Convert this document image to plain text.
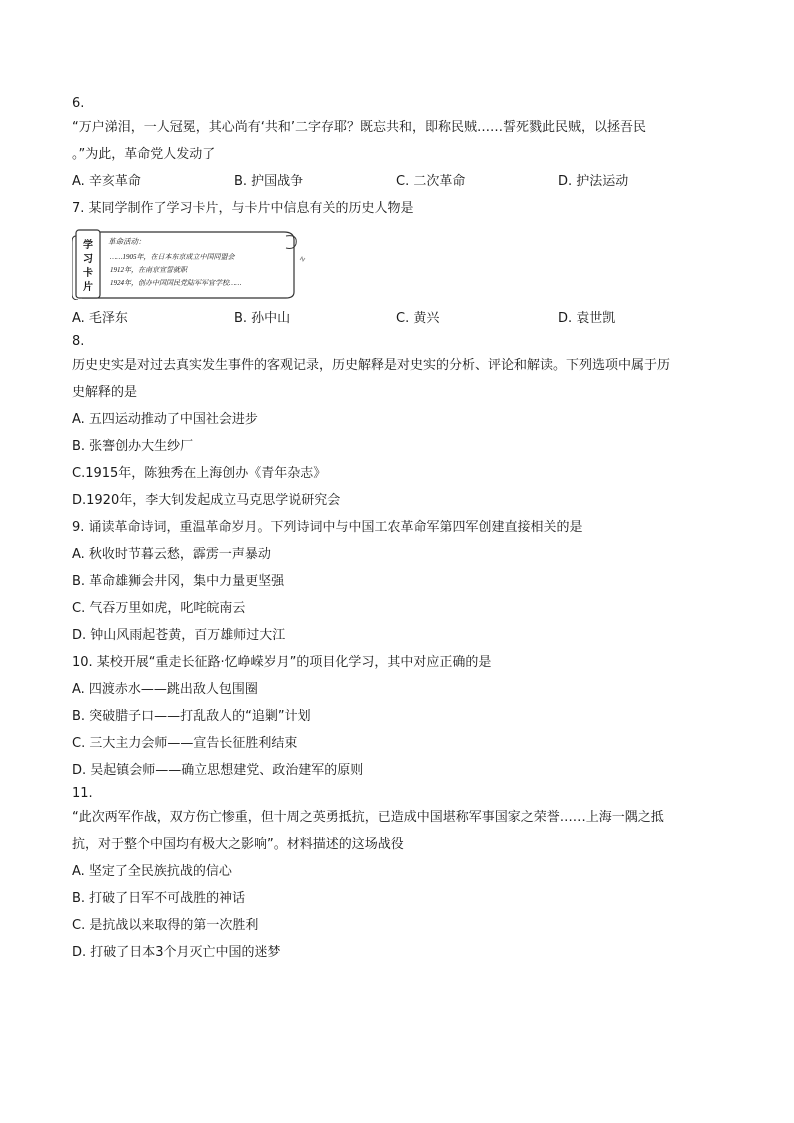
6.
“万户涕泪，一人冠冕，其心尚有‘共和’二字存耶？既忘共和，即称民贼……誓死戮此民贼，以拯吾民
。”为此，革命党人发动了
A. 辛亥革命	B. 护国战争	C. 二次革命	D. 护法运动
7. 某同学制作了学习卡片，与卡片中信息有关的历史人物是
学
习
卡
片
革命活动：
……1905年，在日本东京成立中国同盟会
1912年，在南京宣誓就职
1924年，创办中国国民党陆军军官学校……
A. 毛泽东	B. 孙中山	C. 黄兴	D. 袁世凯
8.
历史史实是对过去真实发生事件的客观记录，历史解释是对史实的分析、评论和解读。下列选项中属于历
史解释的是
A. 五四运动推动了中国社会进步
B. 张謇创办大生纱厂
C.1915年，陈独秀在上海创办《青年杂志》
D.1920年，李大钊发起成立马克思学说研究会
9. 诵读革命诗词，重温革命岁月。下列诗词中与中国工农革命军第四军创建直接相关的是
A. 秋收时节暮云愁，霹雳一声暴动
B. 革命雄狮会井冈，集中力量更坚强
C. 气吞万里如虎，叱咤皖南云
D. 钟山风雨起苍黄，百万雄师过大江
10. 某校开展“重走长征路·忆峥嵘岁月”的项目化学习，其中对应正确的是
A. 四渡赤水——跳出敌人包围圈
B. 突破腊子口——打乱敌人的“追剿”计划
C. 三大主力会师——宣告长征胜利结束
D. 吴起镇会师——确立思想建党、政治建军的原则
11.
“此次两军作战，双方伤亡惨重，但十周之英勇抵抗，已造成中国堪称军事国家之荣誉……上海一隅之抵
抗，对于整个中国均有极大之影响”。材料描述的这场战役
A. 坚定了全民族抗战的信心
B. 打破了日军不可战胜的神话
C. 是抗战以来取得的第一次胜利
D. 打破了日本3个月灭亡中国的迷梦
